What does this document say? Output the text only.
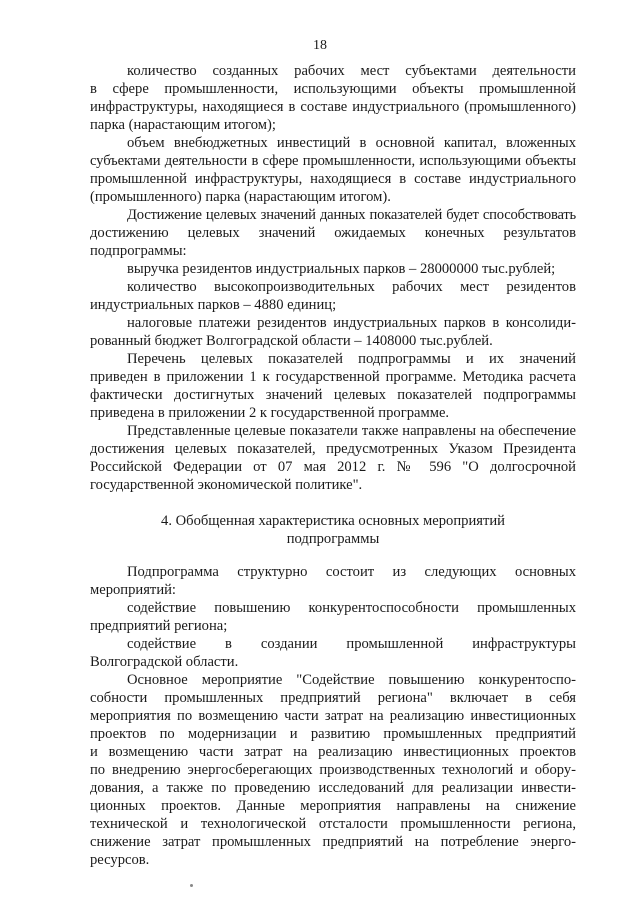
18
количество созданных рабочих мест субъектами деятельности
в сфере промышленности, использующими объекты промышленной
инфраструктуры, находящиеся в составе индустриального (промышленного)
парка (нарастающим итогом);
объем внебюджетных инвестиций в основной капитал, вложенных
субъектами деятельности в сфере промышленности, использующими объекты
промышленной инфраструктуры, находящиеся в составе индустриального
(промышленного) парка (нарастающим итогом).
Достижение целевых значений данных показателей будет способствовать
достижению целевых значений ожидаемых конечных результатов
подпрограммы:
выручка резидентов индустриальных парков – 28000000 тыс.рублей;
количество высокопроизводительных рабочих мест резидентов
индустриальных парков – 4880 единиц;
налоговые платежи резидентов индустриальных парков в консолиди-
рованный бюджет Волгоградской области – 1408000 тыс.рублей.
Перечень целевых показателей подпрограммы и их значений
приведен в приложении 1 к государственной программе. Методика расчета
фактически достигнутых значений целевых показателей подпрограммы
приведена в приложении 2 к государственной программе.
Представленные целевые показатели также направлены на обеспечение
достижения целевых показателей, предусмотренных Указом Президента
Российской Федерации от 07 мая 2012 г. № 596 "О долгосрочной
государственной экономической политике".
4. Обобщенная характеристика основных мероприятий
подпрограммы
Подпрограмма структурно состоит из следующих основных
мероприятий:
содействие повышению конкурентоспособности промышленных
предприятий региона;
содействие в создании промышленной инфраструктуры
Волгоградской области.
Основное мероприятие "Содействие повышению конкурентоспо-
собности промышленных предприятий региона" включает в себя
мероприятия по возмещению части затрат на реализацию инвестиционных
проектов по модернизации и развитию промышленных предприятий
и возмещению части затрат на реализацию инвестиционных проектов
по внедрению энергосберегающих производственных технологий и обору-
дования, а также по проведению исследований для реализации инвести-
ционных проектов. Данные мероприятия направлены на снижение
технической и технологической отсталости промышленности региона,
снижение затрат промышленных предприятий на потребление энерго-
ресурсов.
